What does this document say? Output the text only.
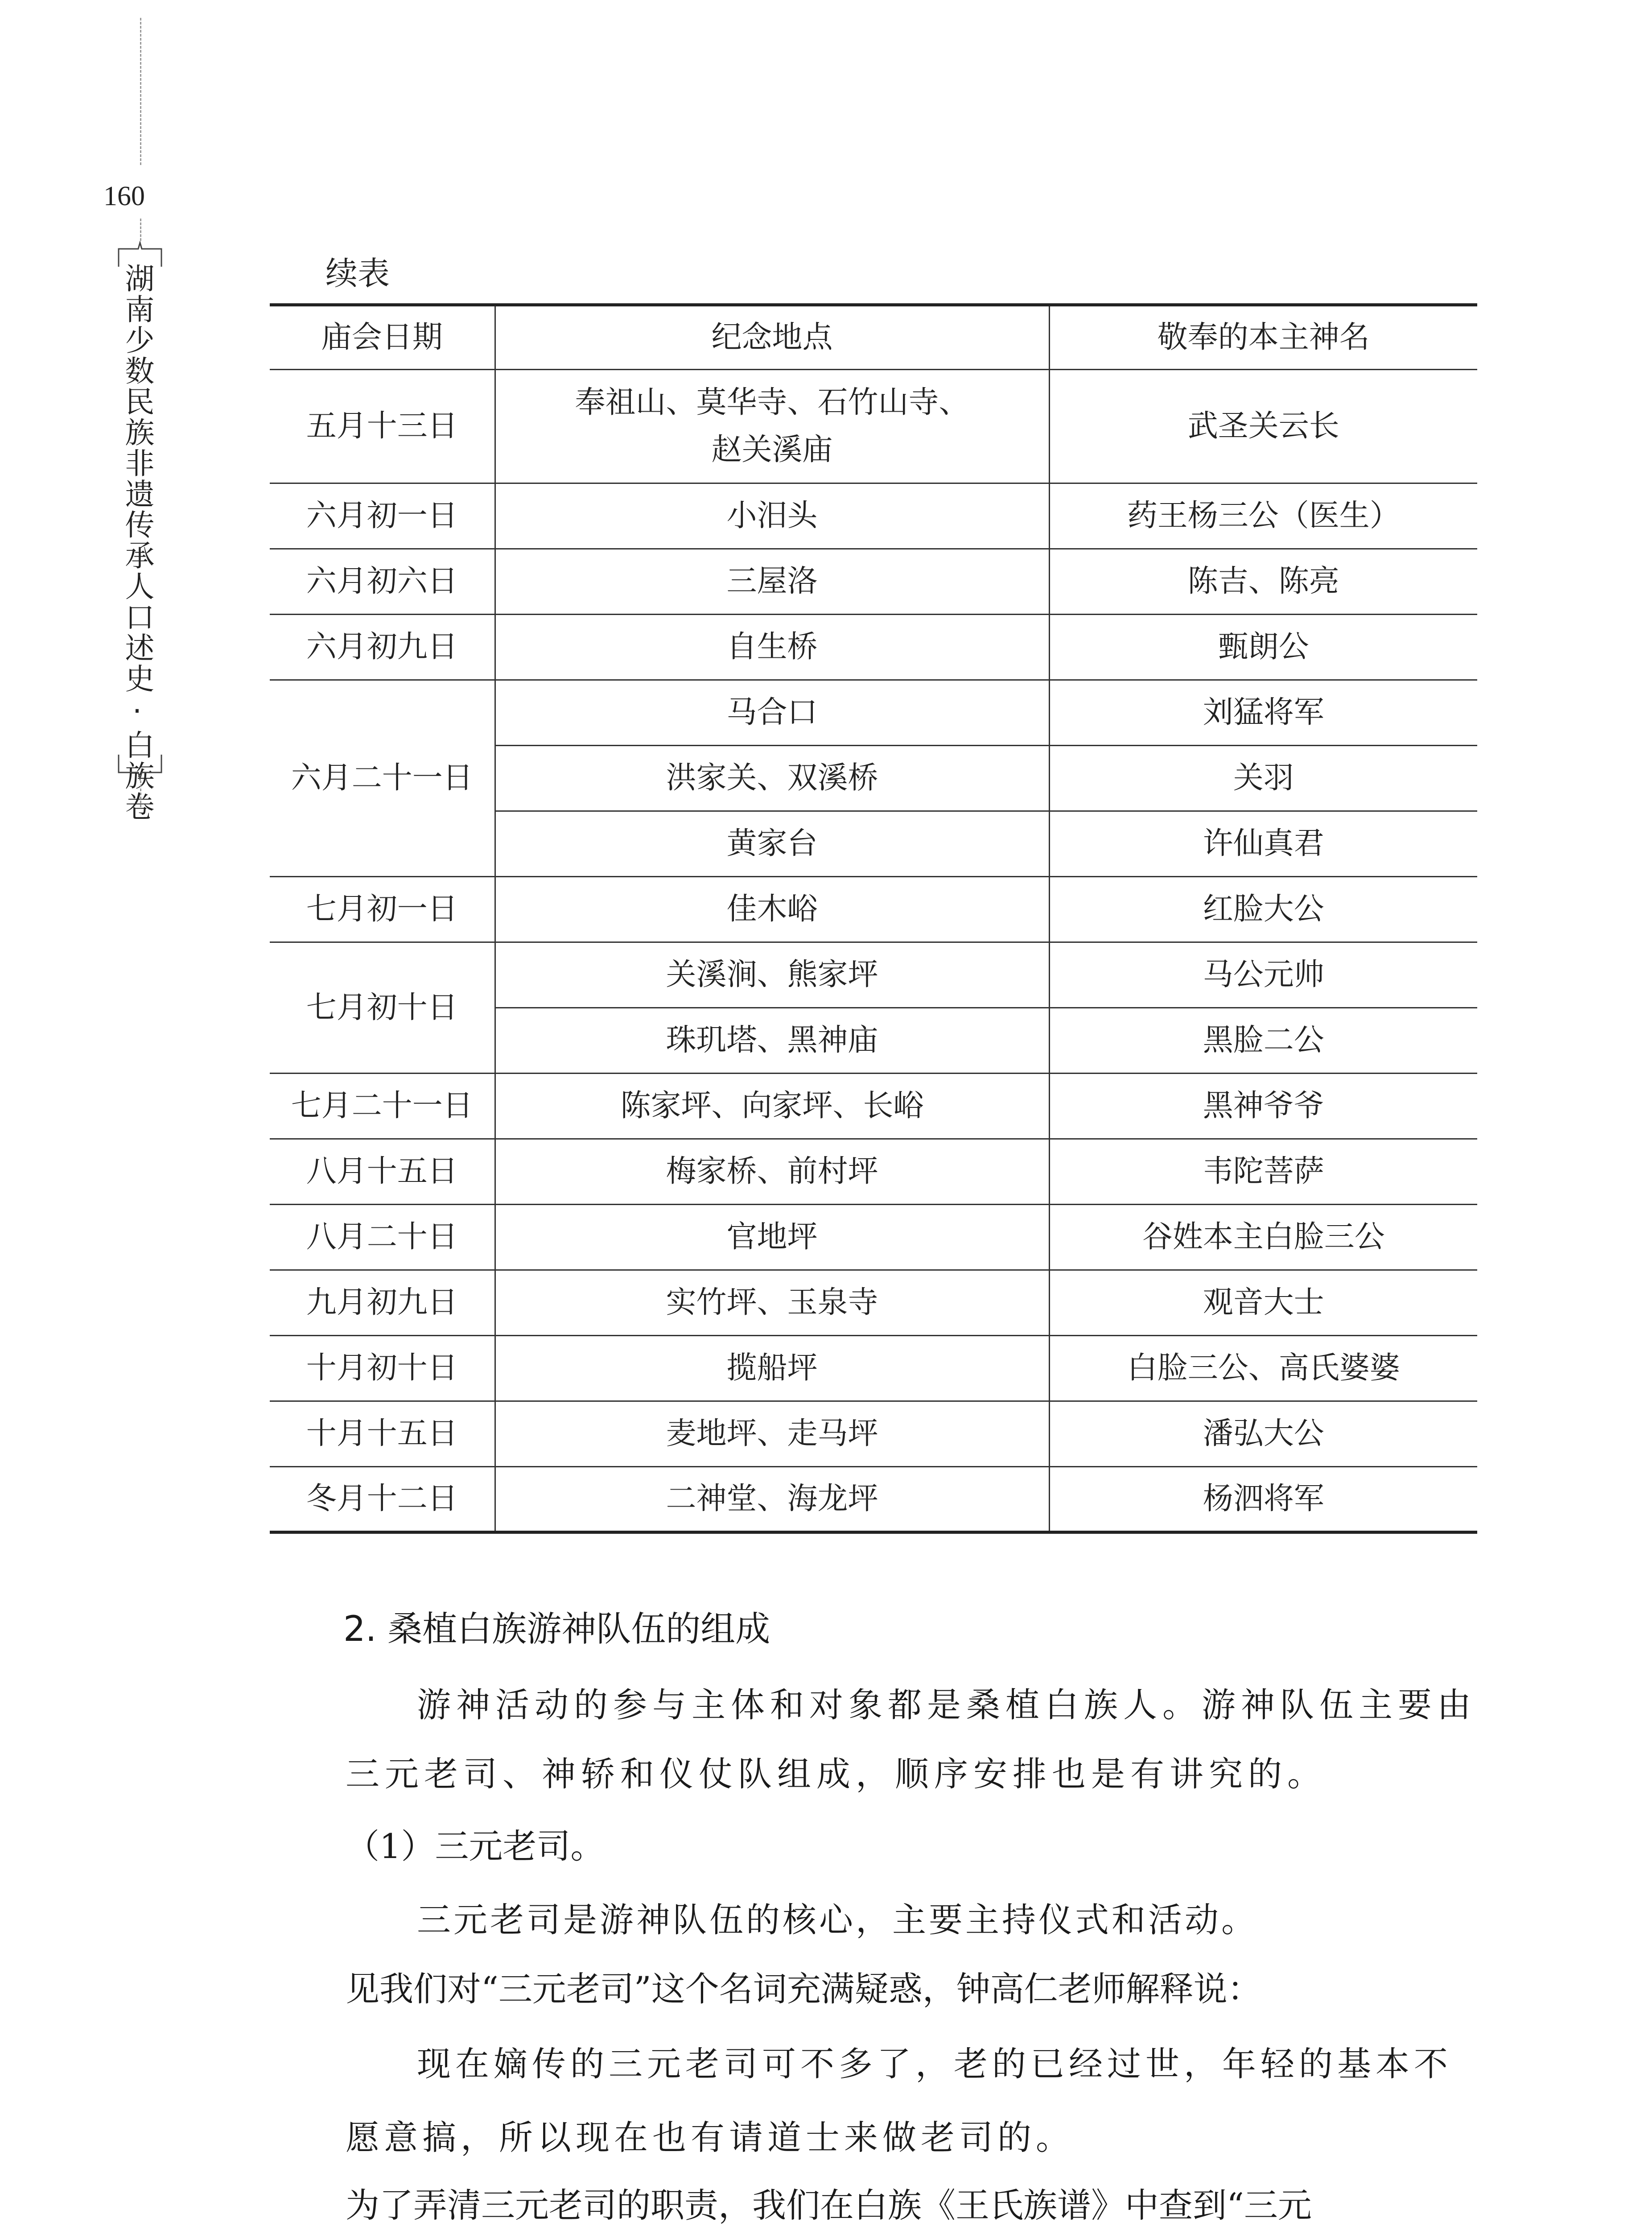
160
湖南少数民族非遗传承人口述史·白族卷	续表
庙会日期	纪念地点	敬奉的本主神名
五月十三日	奉祖山、莫华寺、石竹山寺、赵关溪庙	武圣关云长
六月初一日	小汨头	药王杨三公（医生）
六月初六日	三屋洛	陈吉、陈亮
六月初九日	自生桥	甄朗公
六月二十一日	马合口	刘猛将军
	洪家关、双溪桥	关羽
	黄家台	许仙真君
七月初一日	佳木峪	红脸大公
七月初十日	关溪涧、熊家坪	马公元帅
	珠玑塔、黑神庙	黑脸二公
七月二十一日	陈家坪、向家坪、长峪	黑神爷爷
八月十五日	梅家桥、前村坪	韦陀菩萨
八月二十日	官地坪	谷姓本主白脸三公
九月初九日	实竹坪、玉泉寺	观音大士
十月初十日	揽船坪	白脸三公、高氏婆婆
十月十五日	麦地坪、走马坪	潘弘大公
冬月十二日	二神堂、海龙坪	杨泗将军
2. 桑植白族游神队伍的组成
游神活动的参与主体和对象都是桑植白族人。游神队伍主要由三元老司、神轿和仪仗队组成，顺序安排也是有讲究的。
（1）三元老司。
三元老司是游神队伍的核心，主要主持仪式和活动。
见我们对“三元老司”这个名词充满疑惑，钟高仁老师解释说：
现在嫡传的三元老司可不多了，老的已经过世，年轻的基本不愿意搞，所以现在也有请道士来做老司的。
为了弄清三元老司的职责，我们在白族《王氏族谱》中查到“三元
